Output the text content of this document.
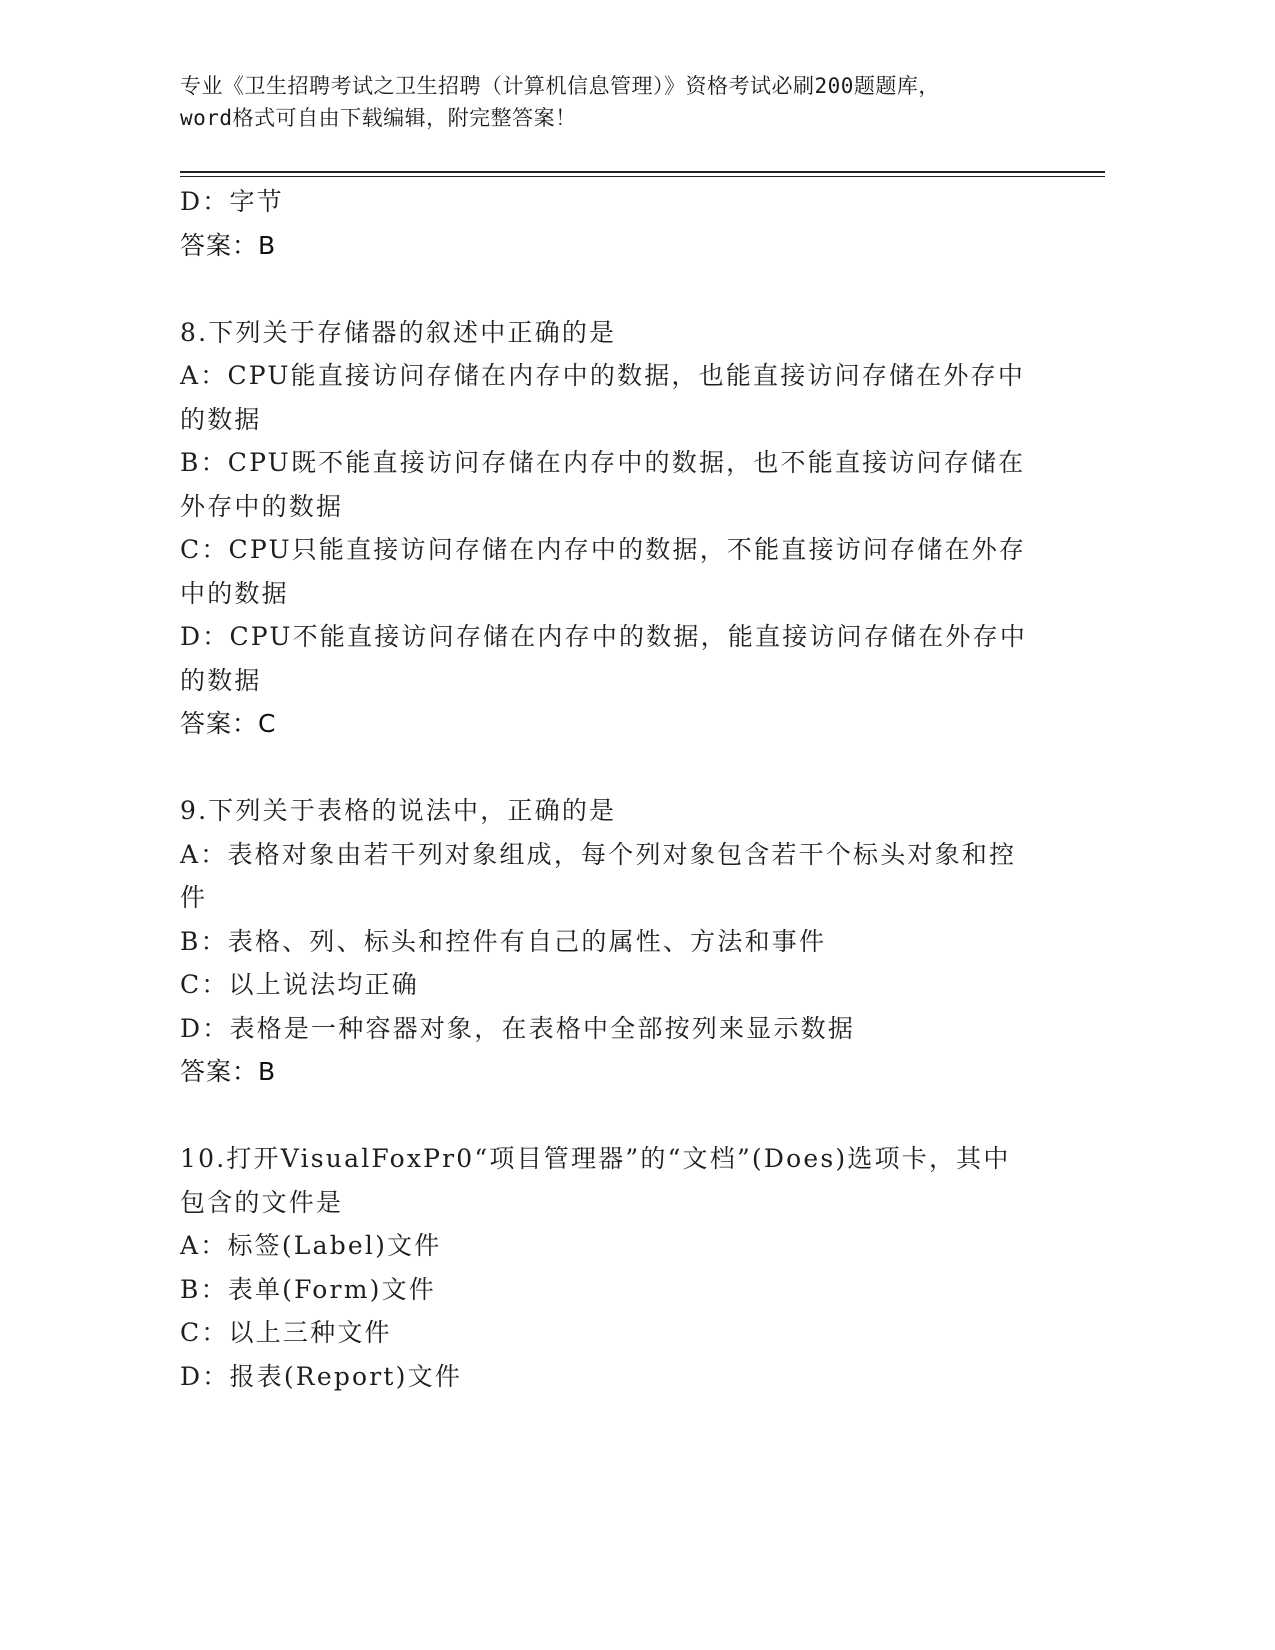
专业《卫生招聘考试之卫生招聘（计算机信息管理）》资格考试必刷200题题库，
word格式可自由下载编辑，附完整答案！
D：字节
答案：B
8.下列关于存储器的叙述中正确的是
A：CPU能直接访问存储在内存中的数据，也能直接访问存储在外存中
的数据
B：CPU既不能直接访问存储在内存中的数据，也不能直接访问存储在
外存中的数据
C：CPU只能直接访问存储在内存中的数据，不能直接访问存储在外存
中的数据
D：CPU不能直接访问存储在内存中的数据，能直接访问存储在外存中
的数据
答案：C
9.下列关于表格的说法中，正确的是
A：表格对象由若干列对象组成，每个列对象包含若干个标头对象和控
件
B：表格、列、标头和控件有自己的属性、方法和事件
C：以上说法均正确
D：表格是一种容器对象，在表格中全部按列来显示数据
答案：B
10.打开VisualFoxPr0“项目管理器”的“文档”(Does)选项卡，其中
包含的文件是
A：标签(Label)文件
B：表单(Form)文件
C：以上三种文件
D：报表(Report)文件
